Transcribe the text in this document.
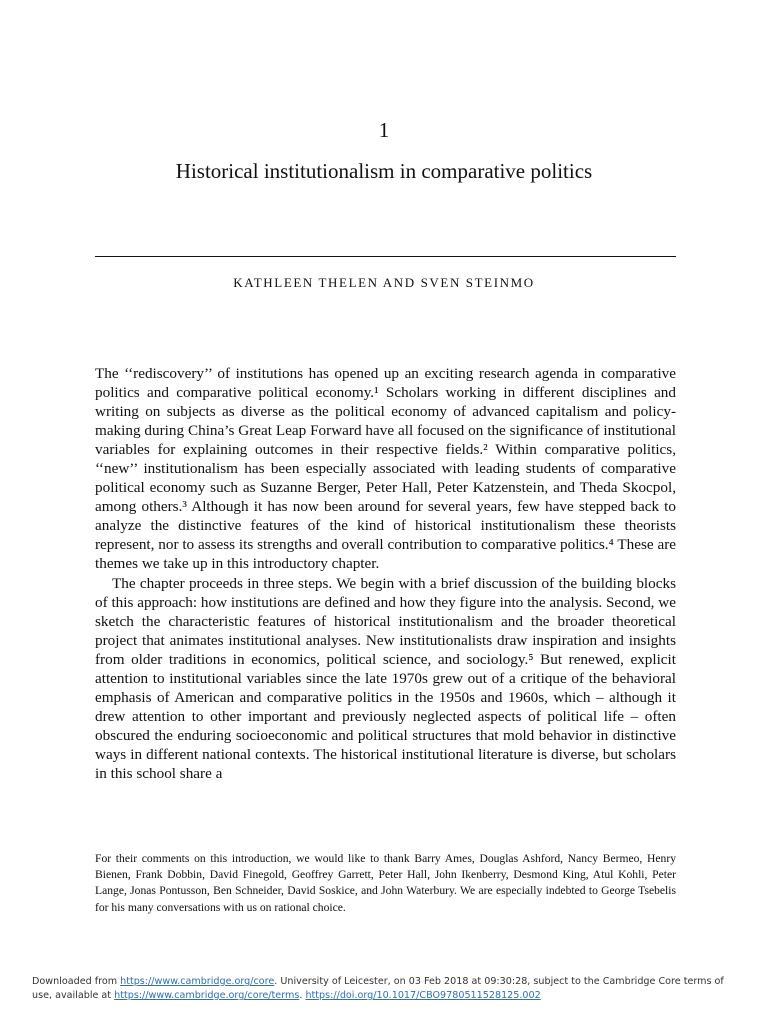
1
Historical institutionalism in comparative politics
KATHLEEN THELEN AND SVEN STEINMO

The ‘‘rediscovery’’ of institutions has opened up an exciting research agenda in comparative politics and comparative political economy.¹ Scholars working in different disciplines and writing on subjects as diverse as the political economy of advanced capitalism and policy-making during China’s Great Leap Forward have all focused on the significance of institutional variables for explaining outcomes in their respective fields.² Within comparative politics, ‘‘new’’ institutionalism has been especially associated with leading students of comparative political economy such as Suzanne Berger, Peter Hall, Peter Katzenstein, and Theda Skocpol, among others.³ Although it has now been around for several years, few have stepped back to analyze the distinctive features of the kind of historical institutionalism these theorists represent, nor to assess its strengths and overall contribution to comparative politics.⁴ These are themes we take up in this introductory chapter.

The chapter proceeds in three steps. We begin with a brief discussion of the building blocks of this approach: how institutions are defined and how they figure into the analysis. Second, we sketch the characteristic features of historical institutionalism and the broader theoretical project that animates institutional analyses. New institutionalists draw inspiration and insights from older traditions in economics, political science, and sociology.⁵ But renewed, explicit attention to institutional variables since the late 1970s grew out of a critique of the behavioral emphasis of American and comparative politics in the 1950s and 1960s, which – although it drew attention to other important and previously neglected aspects of political life – often obscured the enduring socioeconomic and political structures that mold behavior in distinctive ways in different national contexts. The historical institutional literature is diverse, but scholars in this school share a

For their comments on this introduction, we would like to thank Barry Ames, Douglas Ashford, Nancy Bermeo, Henry Bienen, Frank Dobbin, David Finegold, Geoffrey Garrett, Peter Hall, John Ikenberry, Desmond King, Atul Kohli, Peter Lange, Jonas Pontusson, Ben Schneider, David Soskice, and John Waterbury. We are especially indebted to George Tsebelis for his many conversations with us on rational choice.

Downloaded from https://www.cambridge.org/core. University of Leicester, on 03 Feb 2018 at 09:30:28, subject to the Cambridge Core terms of use, available at https://www.cambridge.org/core/terms. https://doi.org/10.1017/CBO9780511528125.002
